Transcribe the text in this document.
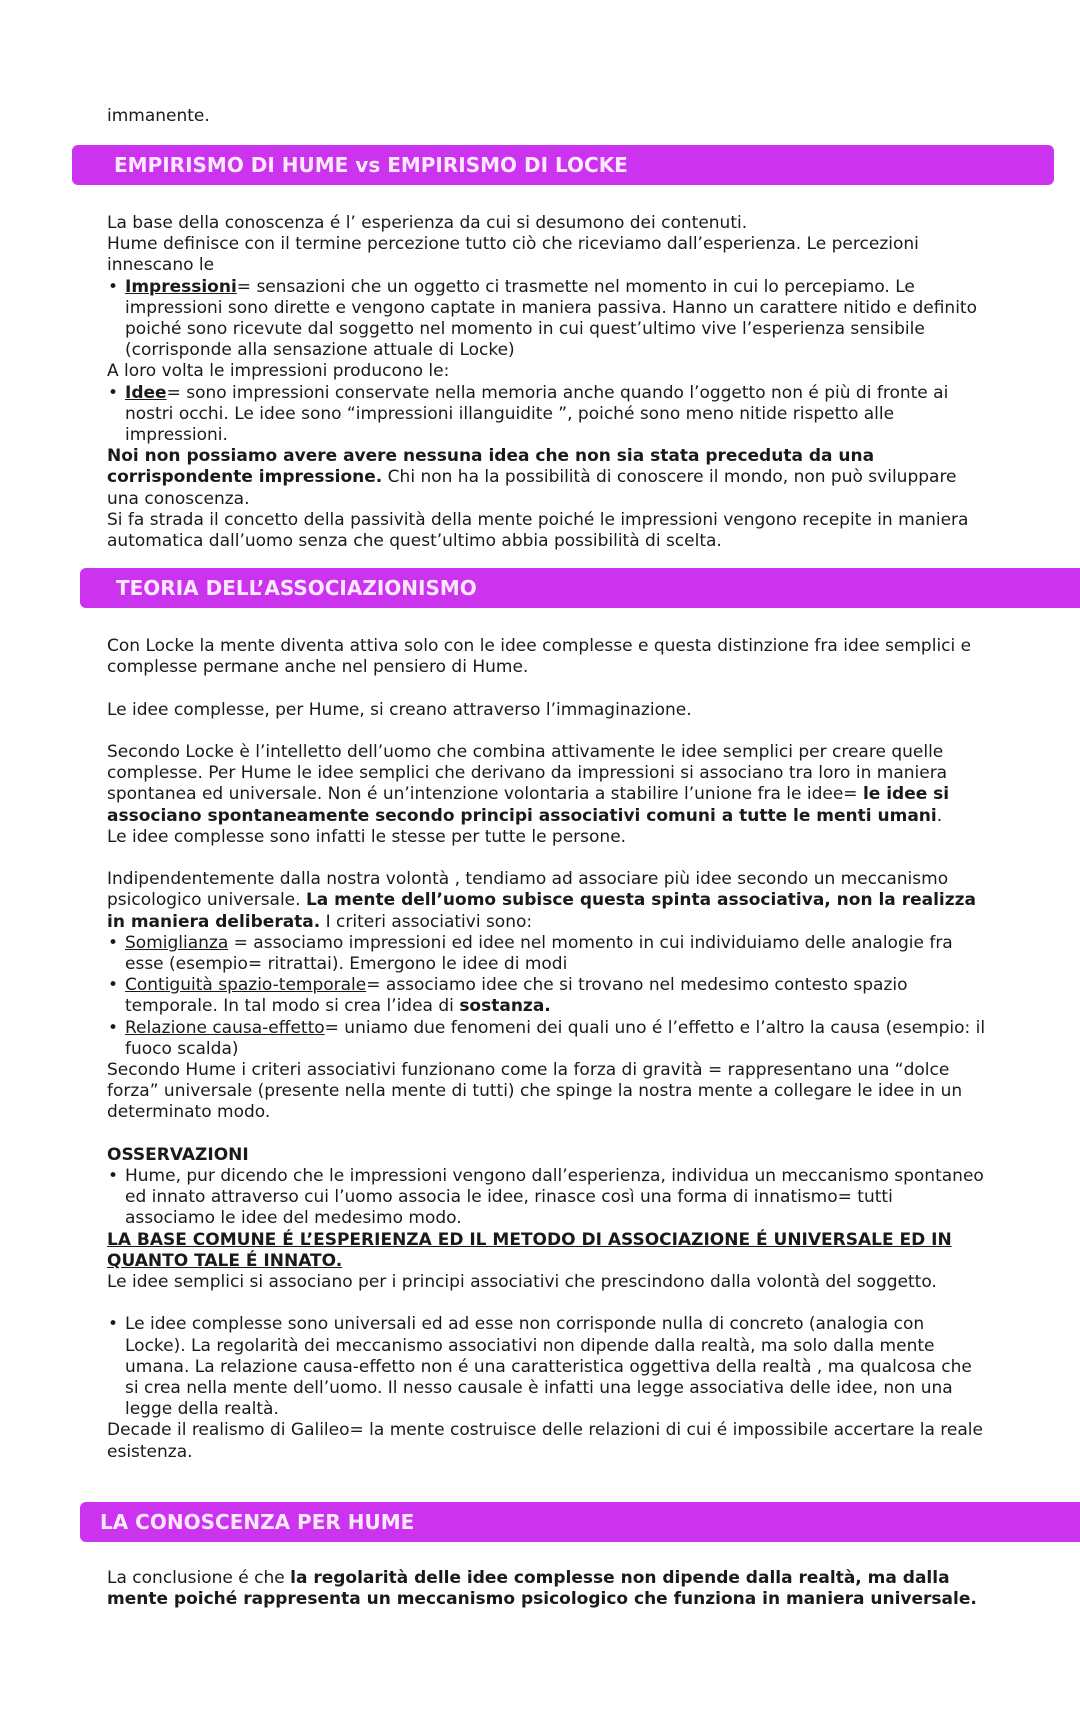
immanente.

EMPIRISMO DI HUME vs EMPIRISMO DI LOCKE

La base della conoscenza é l’ esperienza da cui si desumono dei contenuti.

Hume definisce con il termine percezione tutto ciò che riceviamo dall’esperienza. Le percezioni innescano le

• Impressioni= sensazioni che un oggetto ci trasmette nel momento in cui lo percepiamo. Le impressioni sono dirette e vengono captate in maniera passiva. Hanno un carattere nitido e definito poiché sono ricevute dal soggetto nel momento in cui quest’ultimo vive l’esperienza sensibile (corrisponde alla sensazione attuale di Locke)

A loro volta le impressioni producono le:

• Idee= sono impressioni conservate nella memoria anche quando l’oggetto non é più di fronte ai nostri occhi. Le idee sono “impressioni illanguidite ”, poiché sono meno nitide rispetto alle impressioni.

Noi non possiamo avere avere nessuna idea che non sia stata preceduta da una corrispondente impressione. Chi non ha la possibilità di conoscere il mondo, non può sviluppare una conoscenza.

Si fa strada il concetto della passività della mente poiché le impressioni vengono recepite in maniera automatica dall’uomo senza che quest’ultimo abbia possibilità di scelta.

TEORIA DELL’ASSOCIAZIONISMO

Con Locke la mente diventa attiva solo con le idee complesse e questa distinzione fra idee semplici e complesse permane anche nel pensiero di Hume.

Le idee complesse, per Hume, si creano attraverso l’immaginazione.

Secondo Locke è l’intelletto dell’uomo che combina attivamente le idee semplici per creare quelle complesse. Per Hume le idee semplici che derivano da impressioni si associano tra loro in maniera spontanea ed universale. Non é un’intenzione volontaria a stabilire l’unione fra le idee= le idee si associano spontaneamente secondo principi associativi comuni a tutte le menti umani.

Le idee complesse sono infatti le stesse per tutte le persone.

Indipendentemente dalla nostra volontà , tendiamo ad associare più idee secondo un meccanismo psicologico universale. La mente dell’uomo subisce questa spinta associativa, non la realizza in maniera deliberata. I criteri associativi sono:

• Somiglianza = associamo impressioni ed idee nel momento in cui individuiamo delle analogie fra esse (esempio= ritrattai). Emergono le idee di modi
• Contiguità spazio-temporale= associamo idee che si trovano nel medesimo contesto spazio temporale. In tal modo si crea l’idea di sostanza.
• Relazione causa-effetto= uniamo due fenomeni dei quali uno é l’effetto e l’altro la causa (esempio: il fuoco scalda)

Secondo Hume i criteri associativi funzionano come la forza di gravità = rappresentano una “dolce forza” universale (presente nella mente di tutti) che spinge la nostra mente a collegare le idee in un determinato modo.

OSSERVAZIONI

• Hume, pur dicendo che le impressioni vengono dall’esperienza, individua un meccanismo spontaneo ed innato attraverso cui l’uomo associa le idee, rinasce così una forma di innatismo= tutti associamo le idee del medesimo modo.

LA BASE COMUNE É L’ESPERIENZA ED IL METODO DI ASSOCIAZIONE É UNIVERSALE ED IN QUANTO TALE É INNATO.

Le idee semplici si associano per i principi associativi che prescindono dalla volontà del soggetto.

• Le idee complesse sono universali ed ad esse non corrisponde nulla di concreto (analogia con Locke). La regolarità dei meccanismo associativi non dipende dalla realtà, ma solo dalla mente umana. La relazione causa-effetto non é una caratteristica oggettiva della realtà , ma qualcosa che si crea nella mente dell’uomo. Il nesso causale è infatti una legge associativa delle idee, non una legge della realtà.

Decade il realismo di Galileo= la mente costruisce delle relazioni di cui é impossibile accertare la reale esistenza.

LA CONOSCENZA PER HUME

La conclusione é che la regolarità delle idee complesse non dipende dalla realtà, ma dalla mente poiché rappresenta un meccanismo psicologico che funziona in maniera universale.
